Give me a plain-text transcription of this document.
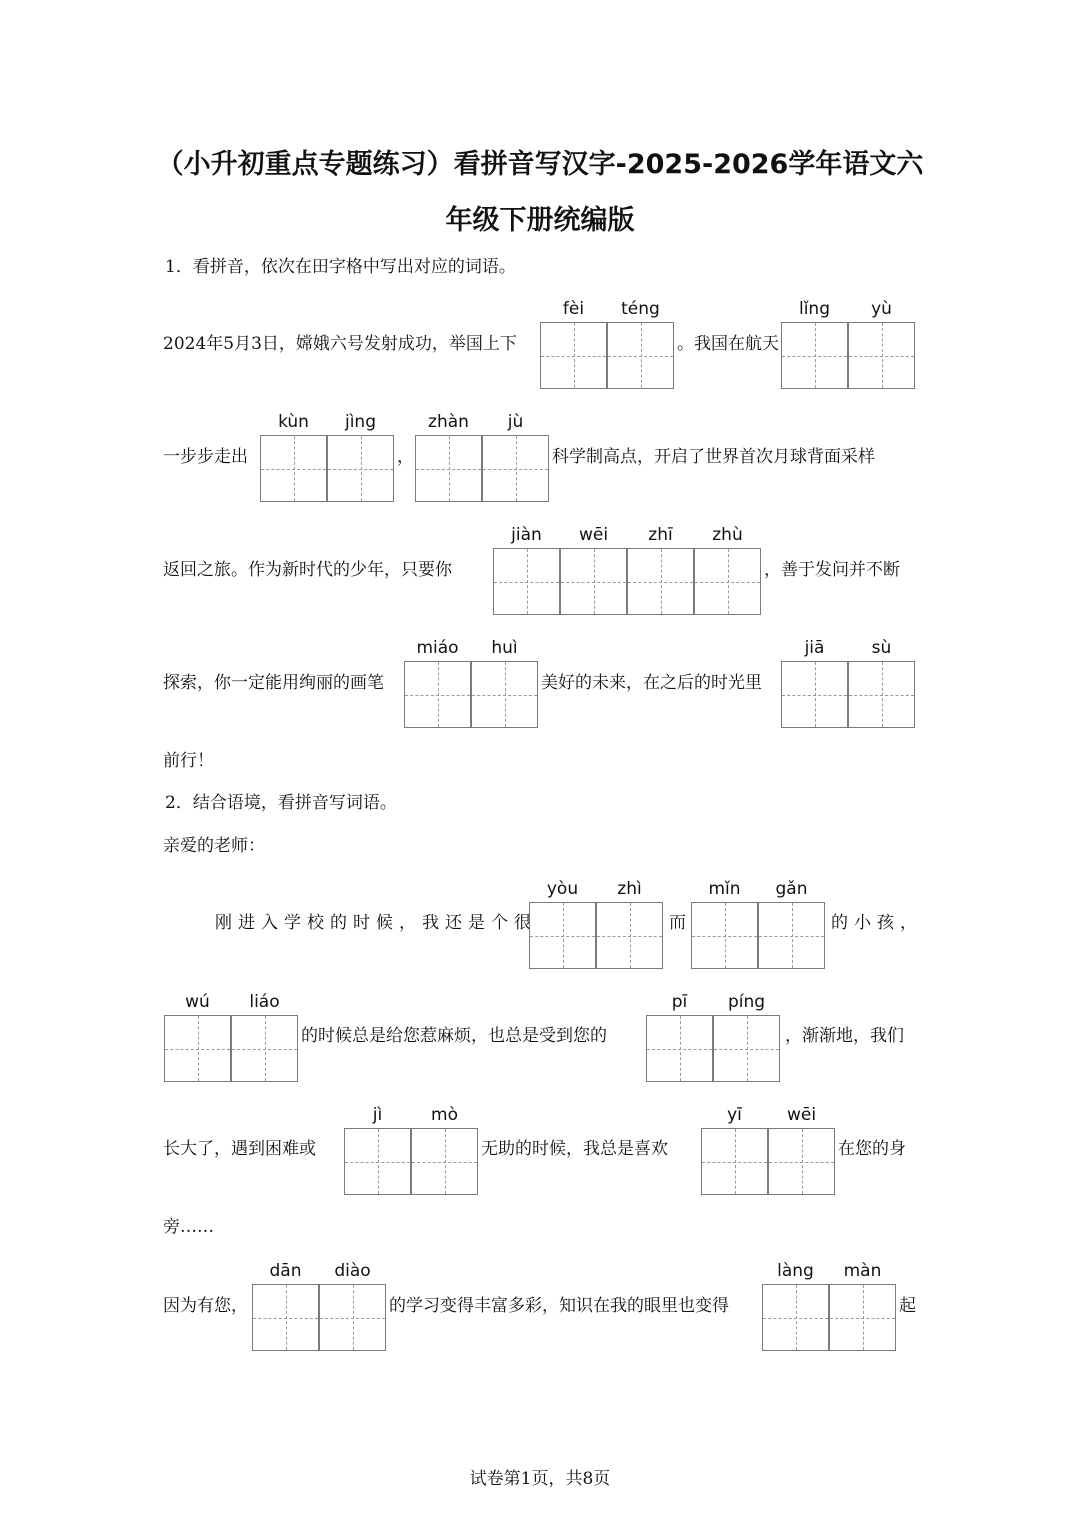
（小升初重点专题练习）看拼音写汉字-2025-2026学年语文六
年级下册统编版
1．看拼音，依次在田字格中写出对应的词语。
2024年5月3日，嫦娥六号发射成功，举国上下
fèi	téng
。我国在航天
lǐng	yù
一步步走出
kùn	jìng
，
zhàn	jù
科学制高点，开启了世界首次月球背面采样
返回之旅。作为新时代的少年，只要你
jiàn	wēi	zhī	zhù
，善于发问并不断
探索，你一定能用绚丽的画笔
miáo	huì
美好的未来，在之后的时光里
jiā	sù
前行！
2．结合语境，看拼音写词语。
亲爱的老师：
刚进入学校的时候，我还是个很
yòu	zhì
而
mǐn	gǎn
的小孩，
wú	liáo
的时候总是给您惹麻烦，也总是受到您的
pī	píng
，渐渐地，我们
长大了，遇到困难或
jì	mò
无助的时候，我总是喜欢
yī	wēi
在您的身
旁……
因为有您，
dān	diào
的学习变得丰富多彩，知识在我的眼里也变得
làng	màn
起
试卷第1页，共8页
